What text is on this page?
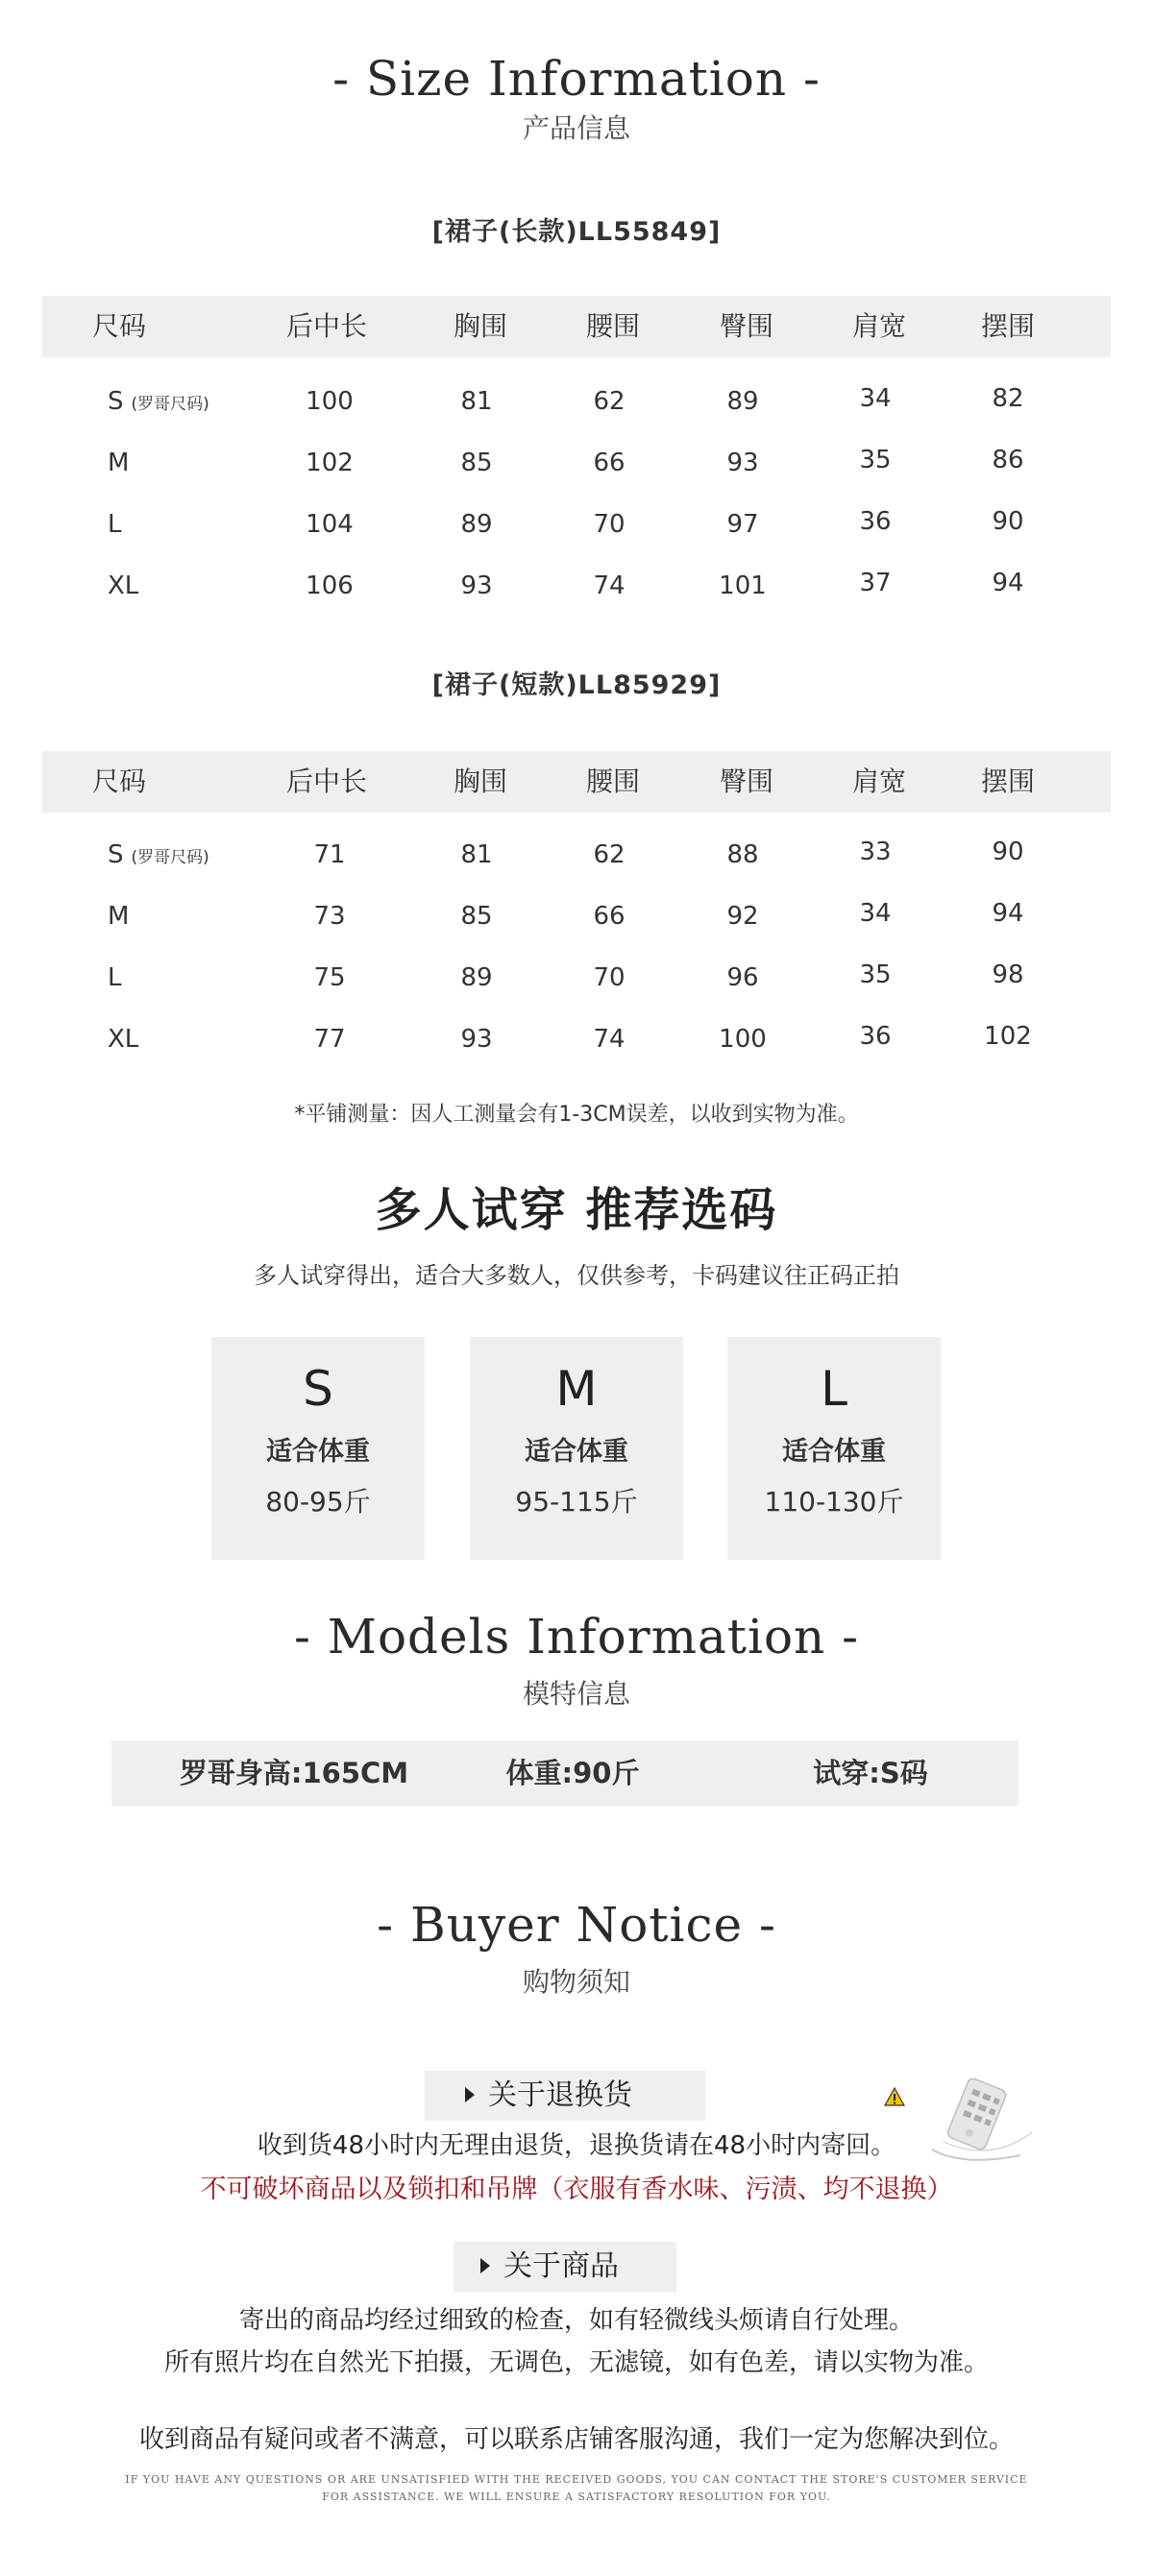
- Size Information -
产品信息
[裙子(长款)LL55849]
尺码	后中长	胸围	腰围	臀围	肩宽	摆围
S (罗哥尺码)	100	81	62	89	34	82
M	102	85	66	93	35	86
L	104	89	70	97	36	90
XL	106	93	74	101	37	94
[裙子(短款)LL85929]
尺码	后中长	胸围	腰围	臀围	肩宽	摆围
S (罗哥尺码)	71	81	62	88	33	90
M	73	85	66	92	34	94
L	75	89	70	96	35	98
XL	77	93	74	100	36	102
*平铺测量：因人工测量会有1-3CM误差，以收到实物为准。
多人试穿 推荐选码
多人试穿得出，适合大多数人，仅供参考，卡码建议往正码正拍
S
适合体重
80-95斤
M
适合体重
95-115斤
L
适合体重
110-130斤
- Models Information -
模特信息
罗哥身高:165CM	体重:90斤	试穿:S码
- Buyer Notice -
购物须知
关于退换货
收到货48小时内无理由退货，退换货请在48小时内寄回。
不可破坏商品以及锁扣和吊牌（衣服有香水味、污渍、均不退换）
关于商品
寄出的商品均经过细致的检查，如有轻微线头烦请自行处理。
所有照片均在自然光下拍摄，无调色，无滤镜，如有色差，请以实物为准。
收到商品有疑问或者不满意，可以联系店铺客服沟通，我们一定为您解决到位。
IF YOU HAVE ANY QUESTIONS OR ARE UNSATISFIED WITH THE RECEIVED GOODS, YOU CAN CONTACT THE STORE'S CUSTOMER SERVICE
FOR ASSISTANCE. WE WILL ENSURE A SATISFACTORY RESOLUTION FOR YOU.
